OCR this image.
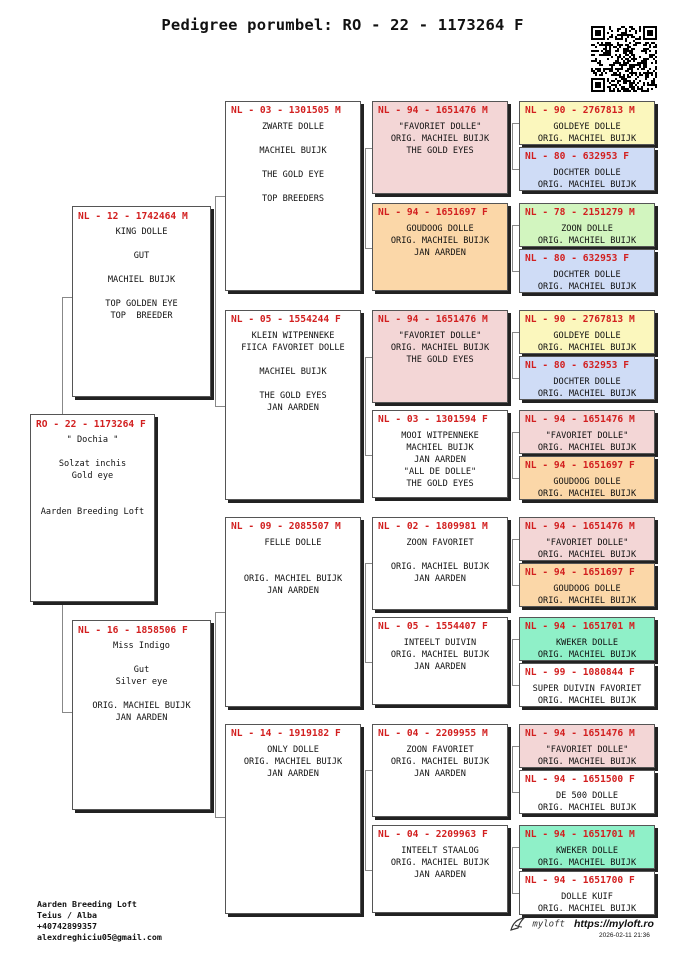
Pedigree porumbel: RO - 22 - 1173264 F
RO - 22 - 1173264 F
" Dochia "
Solzat inchis
Gold eye
Aarden Breeding Loft
NL - 12 - 1742464 M
KING DOLLE
GUT
MACHIEL BUIJK
TOP GOLDEN EYE
TOP  BREEDER
NL - 16 - 1858506 F
Miss Indigo
Gut
Silver eye
ORIG. MACHIEL BUIJK
JAN AARDEN
NL - 03 - 1301505 M
ZWARTE DOLLE
MACHIEL BUIJK
THE GOLD EYE
TOP BREEDERS
NL - 05 - 1554244 F
KLEIN WITPENNEKE
FIICA FAVORIET DOLLE
MACHIEL BUIJK
THE GOLD EYES
JAN AARDEN
NL - 09 - 2085507 M
FELLE DOLLE
ORIG. MACHIEL BUIJK
JAN AARDEN
NL - 14 - 1919182 F
ONLY DOLLE
ORIG. MACHIEL BUIJK
JAN AARDEN
NL - 94 - 1651476 M
"FAVORIET DOLLE"
ORIG. MACHIEL BUIJK
THE GOLD EYES
NL - 94 - 1651697 F
GOUDOOG DOLLE
ORIG. MACHIEL BUIJK
JAN AARDEN
NL - 94 - 1651476 M
"FAVORIET DOLLE"
ORIG. MACHIEL BUIJK
THE GOLD EYES
NL - 03 - 1301594 F
MOOI WITPENNEKE
MACHIEL BUIJK
JAN AARDEN
"ALL DE DOLLE"
THE GOLD EYES
NL - 02 - 1809981 M
ZOON FAVORIET
ORIG. MACHIEL BUIJK
JAN AARDEN
NL - 05 - 1554407 F
INTEELT DUIVIN
ORIG. MACHIEL BUIJK
JAN AARDEN
NL - 04 - 2209955 M
ZOON FAVORIET
ORIG. MACHIEL BUIJK
JAN AARDEN
NL - 04 - 2209963 F
INTEELT STAALOG
ORIG. MACHIEL BUIJK
JAN AARDEN
NL - 90 - 2767813 M
GOLDEYE DOLLE
ORIG. MACHIEL BUIJK
NL - 80 - 632953 F
DOCHTER DOLLE
ORIG. MACHIEL BUIJK
NL - 78 - 2151279 M
ZOON DOLLE
ORIG. MACHIEL BUIJK
NL - 80 - 632953 F
DOCHTER DOLLE
ORIG. MACHIEL BUIJK
NL - 90 - 2767813 M
GOLDEYE DOLLE
ORIG. MACHIEL BUIJK
NL - 80 - 632953 F
DOCHTER DOLLE
ORIG. MACHIEL BUIJK
NL - 94 - 1651476 M
"FAVORIET DOLLE"
ORIG. MACHIEL BUIJK
NL - 94 - 1651697 F
GOUDOOG DOLLE
ORIG. MACHIEL BUIJK
NL - 94 - 1651476 M
"FAVORIET DOLLE"
ORIG. MACHIEL BUIJK
NL - 94 - 1651697 F
GOUDOOG DOLLE
ORIG. MACHIEL BUIJK
NL - 94 - 1651701 M
KWEKER DOLLE
ORIG. MACHIEL BUIJK
NL - 99 - 1080844 F
SUPER DUIVIN FAVORIET
ORIG. MACHIEL BUIJK
NL - 94 - 1651476 M
"FAVORIET DOLLE"
ORIG. MACHIEL BUIJK
NL - 94 - 1651500 F
DE 500 DOLLE
ORIG. MACHIEL BUIJK
NL - 94 - 1651701 M
KWEKER DOLLE
ORIG. MACHIEL BUIJK
NL - 94 - 1651700 F
DOLLE KUIF
ORIG. MACHIEL BUIJK
Aarden Breeding Loft
Teius / Alba
+40742899357
alexdreghiciu05@gmail.com
myloft https://myloft.ro
2026-02-11 21:36
